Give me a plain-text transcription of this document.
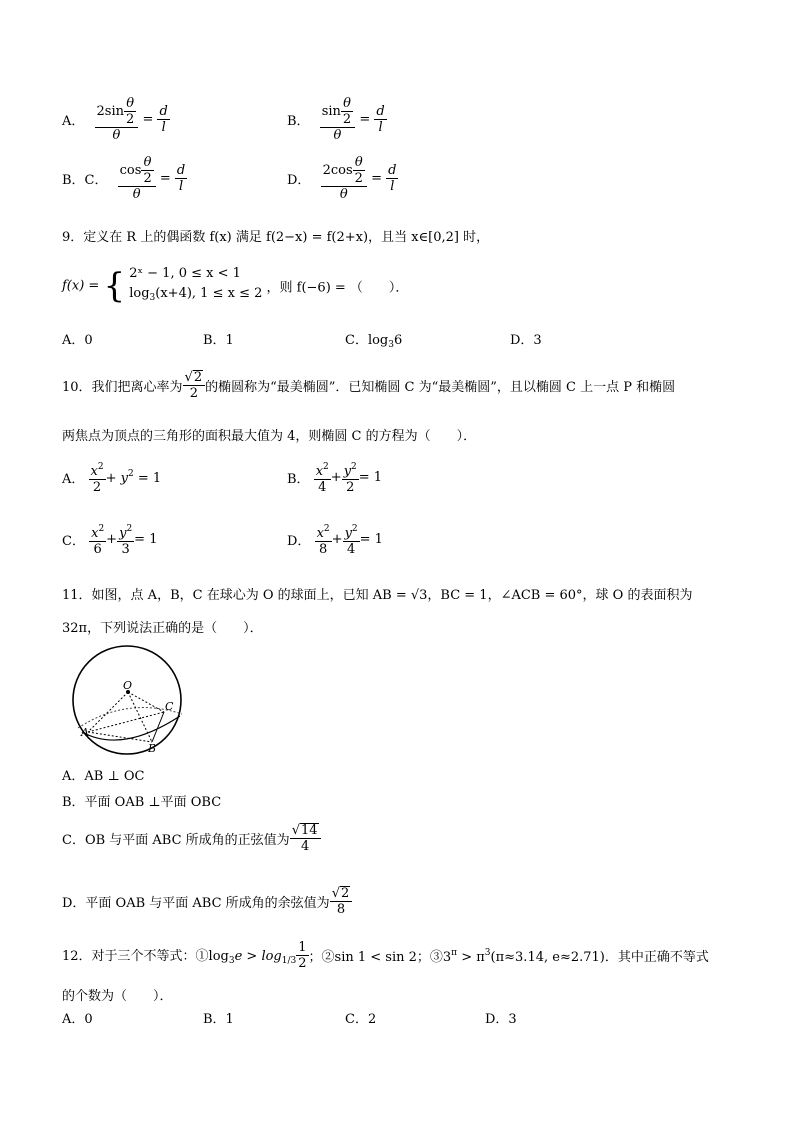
A． $\frac{2\sin \frac{\theta}{2}}{\theta} = \frac{d}{l}$	B． $\frac{\sin \frac{\theta}{2}}{\theta} = \frac{d}{l}$
B．C． $\frac{\cos \frac{\theta}{2}}{\theta} = \frac{d}{l}$	D． $\frac{2\cos \frac{\theta}{2}}{\theta} = \frac{d}{l}$
9．定义在 R 上的偶函数 f(x) 满足 f(2−x) = f(2+x)，且当 x∈[0,2] 时，
f(x) = { 2ˣ − 1, 0 ≤ x < 1
$\log_3(x+4)$, 1 ≤ x ≤ 2 ，则 f(−6) = （　　）．
A．0	B．1	C．$\log_36$	D．3
10．我们把离心率为 $\frac{√2}{2}$ 的椭圆称为“最美椭圆”．已知椭圆 C 为“最美椭圆”，且以椭圆 C 上一点 P 和椭圆
两焦点为顶点的三角形的面积最大值为 4，则椭圆 C 的方程为（　　）．
A． $\frac{x^2}{2} + y^2 = 1$	B． $\frac{x^2}{4} + \frac{y^2}{2} = 1$
C． $\frac{x^2}{6} + \frac{y^2}{3} = 1$	D． $\frac{x^2}{8} + \frac{y^2}{4} = 1$
11．如图，点 A，B，C 在球心为 O 的球面上，已知 AB = √3，BC = 1，∠ACB = 60°，球 O 的表面积为
32π，下列说法正确的是（　　）．
O
A
B
C
A．AB ⊥ OC
B．平面 OAB ⊥平面 OBC
C．OB 与平面 ABC 所成角的正弦值为 $\frac{√14}{4}$
D．平面 OAB 与平面 ABC 所成角的余弦值为 $\frac{√2}{8}$
12．对于三个不等式：$①\log_3e > \log_{1/3} \frac{1}{2}$ ；②sin 1 < sin 2；$③3^\pi > \pi^3(\pi\approx 3.14$, e≈2.71)．其中正确不等式
的个数为（　　）．
A．0	B．1	C．2	D．3
